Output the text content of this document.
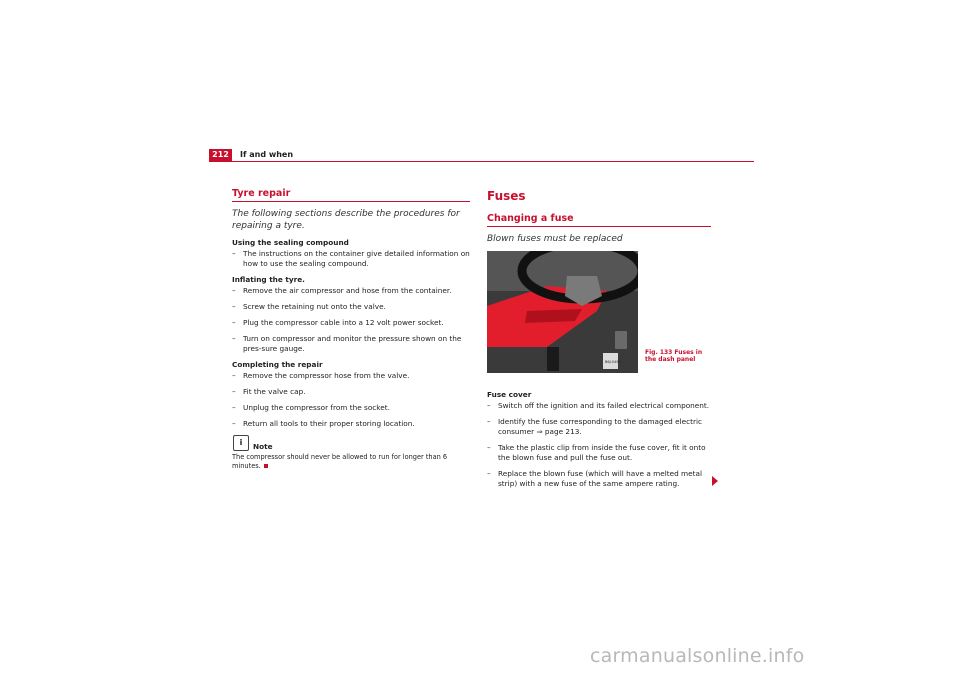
212	If and when
Tyre repair
The following sections describe the procedures for repairing a tyre.
Using the sealing compound
– The instructions on the container give detailed information on how to use the sealing compound.
Inflating the tyre.
– Remove the air compressor and hose from the container.
– Screw the retaining nut onto the valve.
– Plug the compressor cable into a 12 volt power socket.
– Turn on compressor and monitor the pressure shown on the pres-sure gauge.
Completing the repair
– Remove the compressor hose from the valve.
– Fit the valve cap.
– Unplug the compressor from the socket.
– Return all tools to their proper storing location.
i	Note
The compressor should never be allowed to run for longer than 6 minutes.
Fuses
Changing a fuse
Blown fuses must be replaced
B6J-0453
Fig. 133 Fuses in the dash panel
Fuse cover
– Switch off the ignition and its failed electrical component.
– Identify the fuse corresponding to the damaged electric consumer ⇒ page 213.
– Take the plastic clip from inside the fuse cover, fit it onto the blown fuse and pull the fuse out.
– Replace the blown fuse (which will have a melted metal strip) with a new fuse of the same ampere rating.
carmanualsonline.info
